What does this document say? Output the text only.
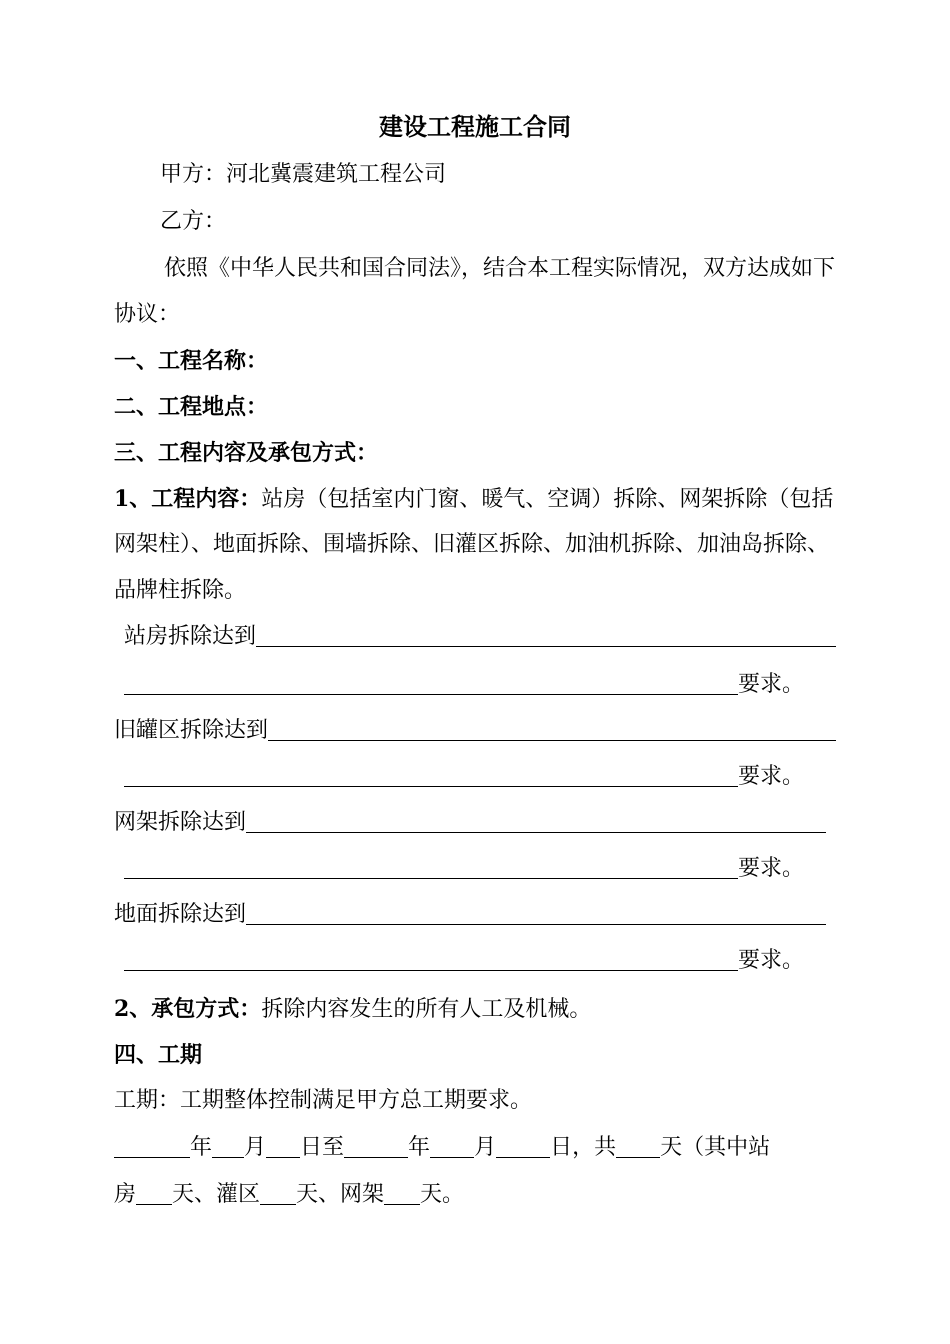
建设工程施工合同
甲方：河北冀震建筑工程公司
乙方：
依照《中华人民共和国合同法》，结合本工程实际情况，双方达成如下
协议：
一、工程名称：
二、工程地点：
三、工程内容及承包方式：
1、工程内容：站房（包括室内门窗、暖气、空调）拆除、网架拆除（包括
网架柱）、地面拆除、围墙拆除、旧灌区拆除、加油机拆除、加油岛拆除、
品牌柱拆除。
站房拆除达到
要求。
旧罐区拆除达到
要求。
网架拆除达到
要求。
地面拆除达到
要求。
2、承包方式：拆除内容发生的所有人工及机械。
四、工期
工期：工期整体控制满足甲方总工期要求。
年 月 日至	年 月 日，共 天（其中站
房 天、灌区 天、网架 天。
